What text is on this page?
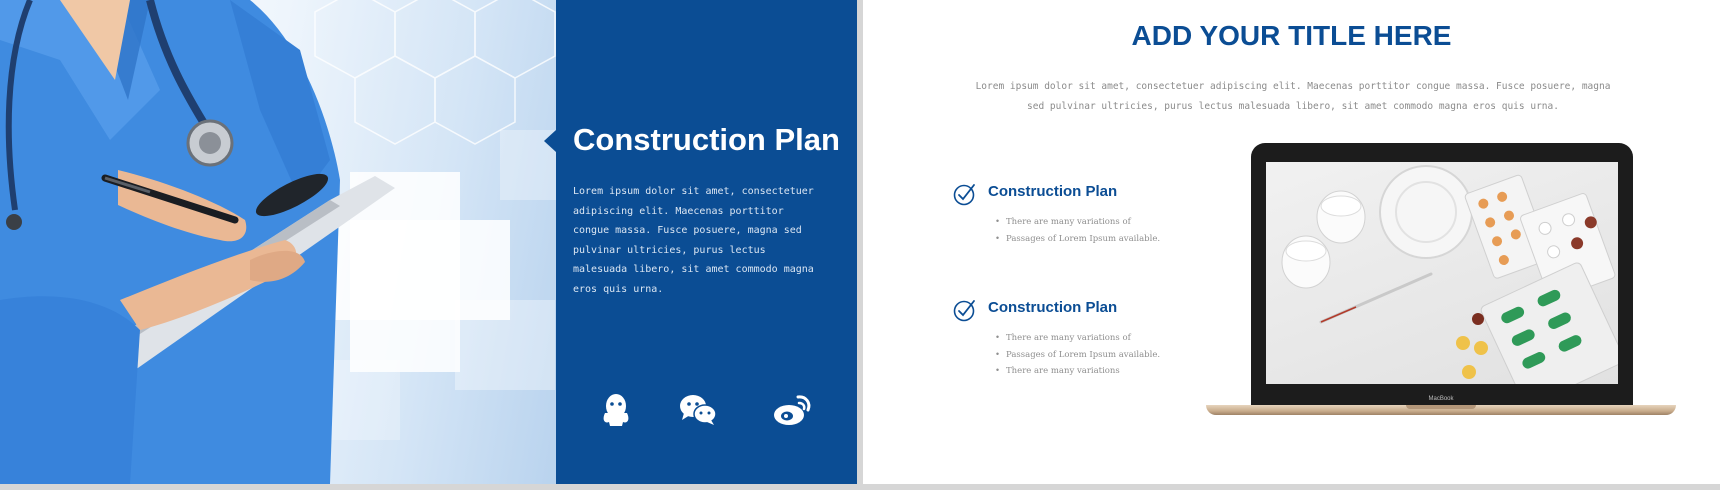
Construction Plan
Lorem ipsum dolor sit amet, consectetuer adipiscing elit. Maecenas porttitor congue massa. Fusce posuere, magna sed pulvinar ultricies, purus lectus malesuada libero, sit amet commodo magna eros quis urna.
ADD YOUR TITLE HERE
Lorem ipsum dolor sit amet, consectetuer adipiscing elit. Maecenas porttitor congue massa. Fusce posuere, magna sed pulvinar ultricies, purus lectus malesuada libero, sit amet commodo magna eros quis urna.
Construction Plan
• There are many variations of
• Passages of Lorem Ipsum available.
Construction Plan
• There are many variations of
• Passages of Lorem Ipsum available.
• There are many variations
MacBook
